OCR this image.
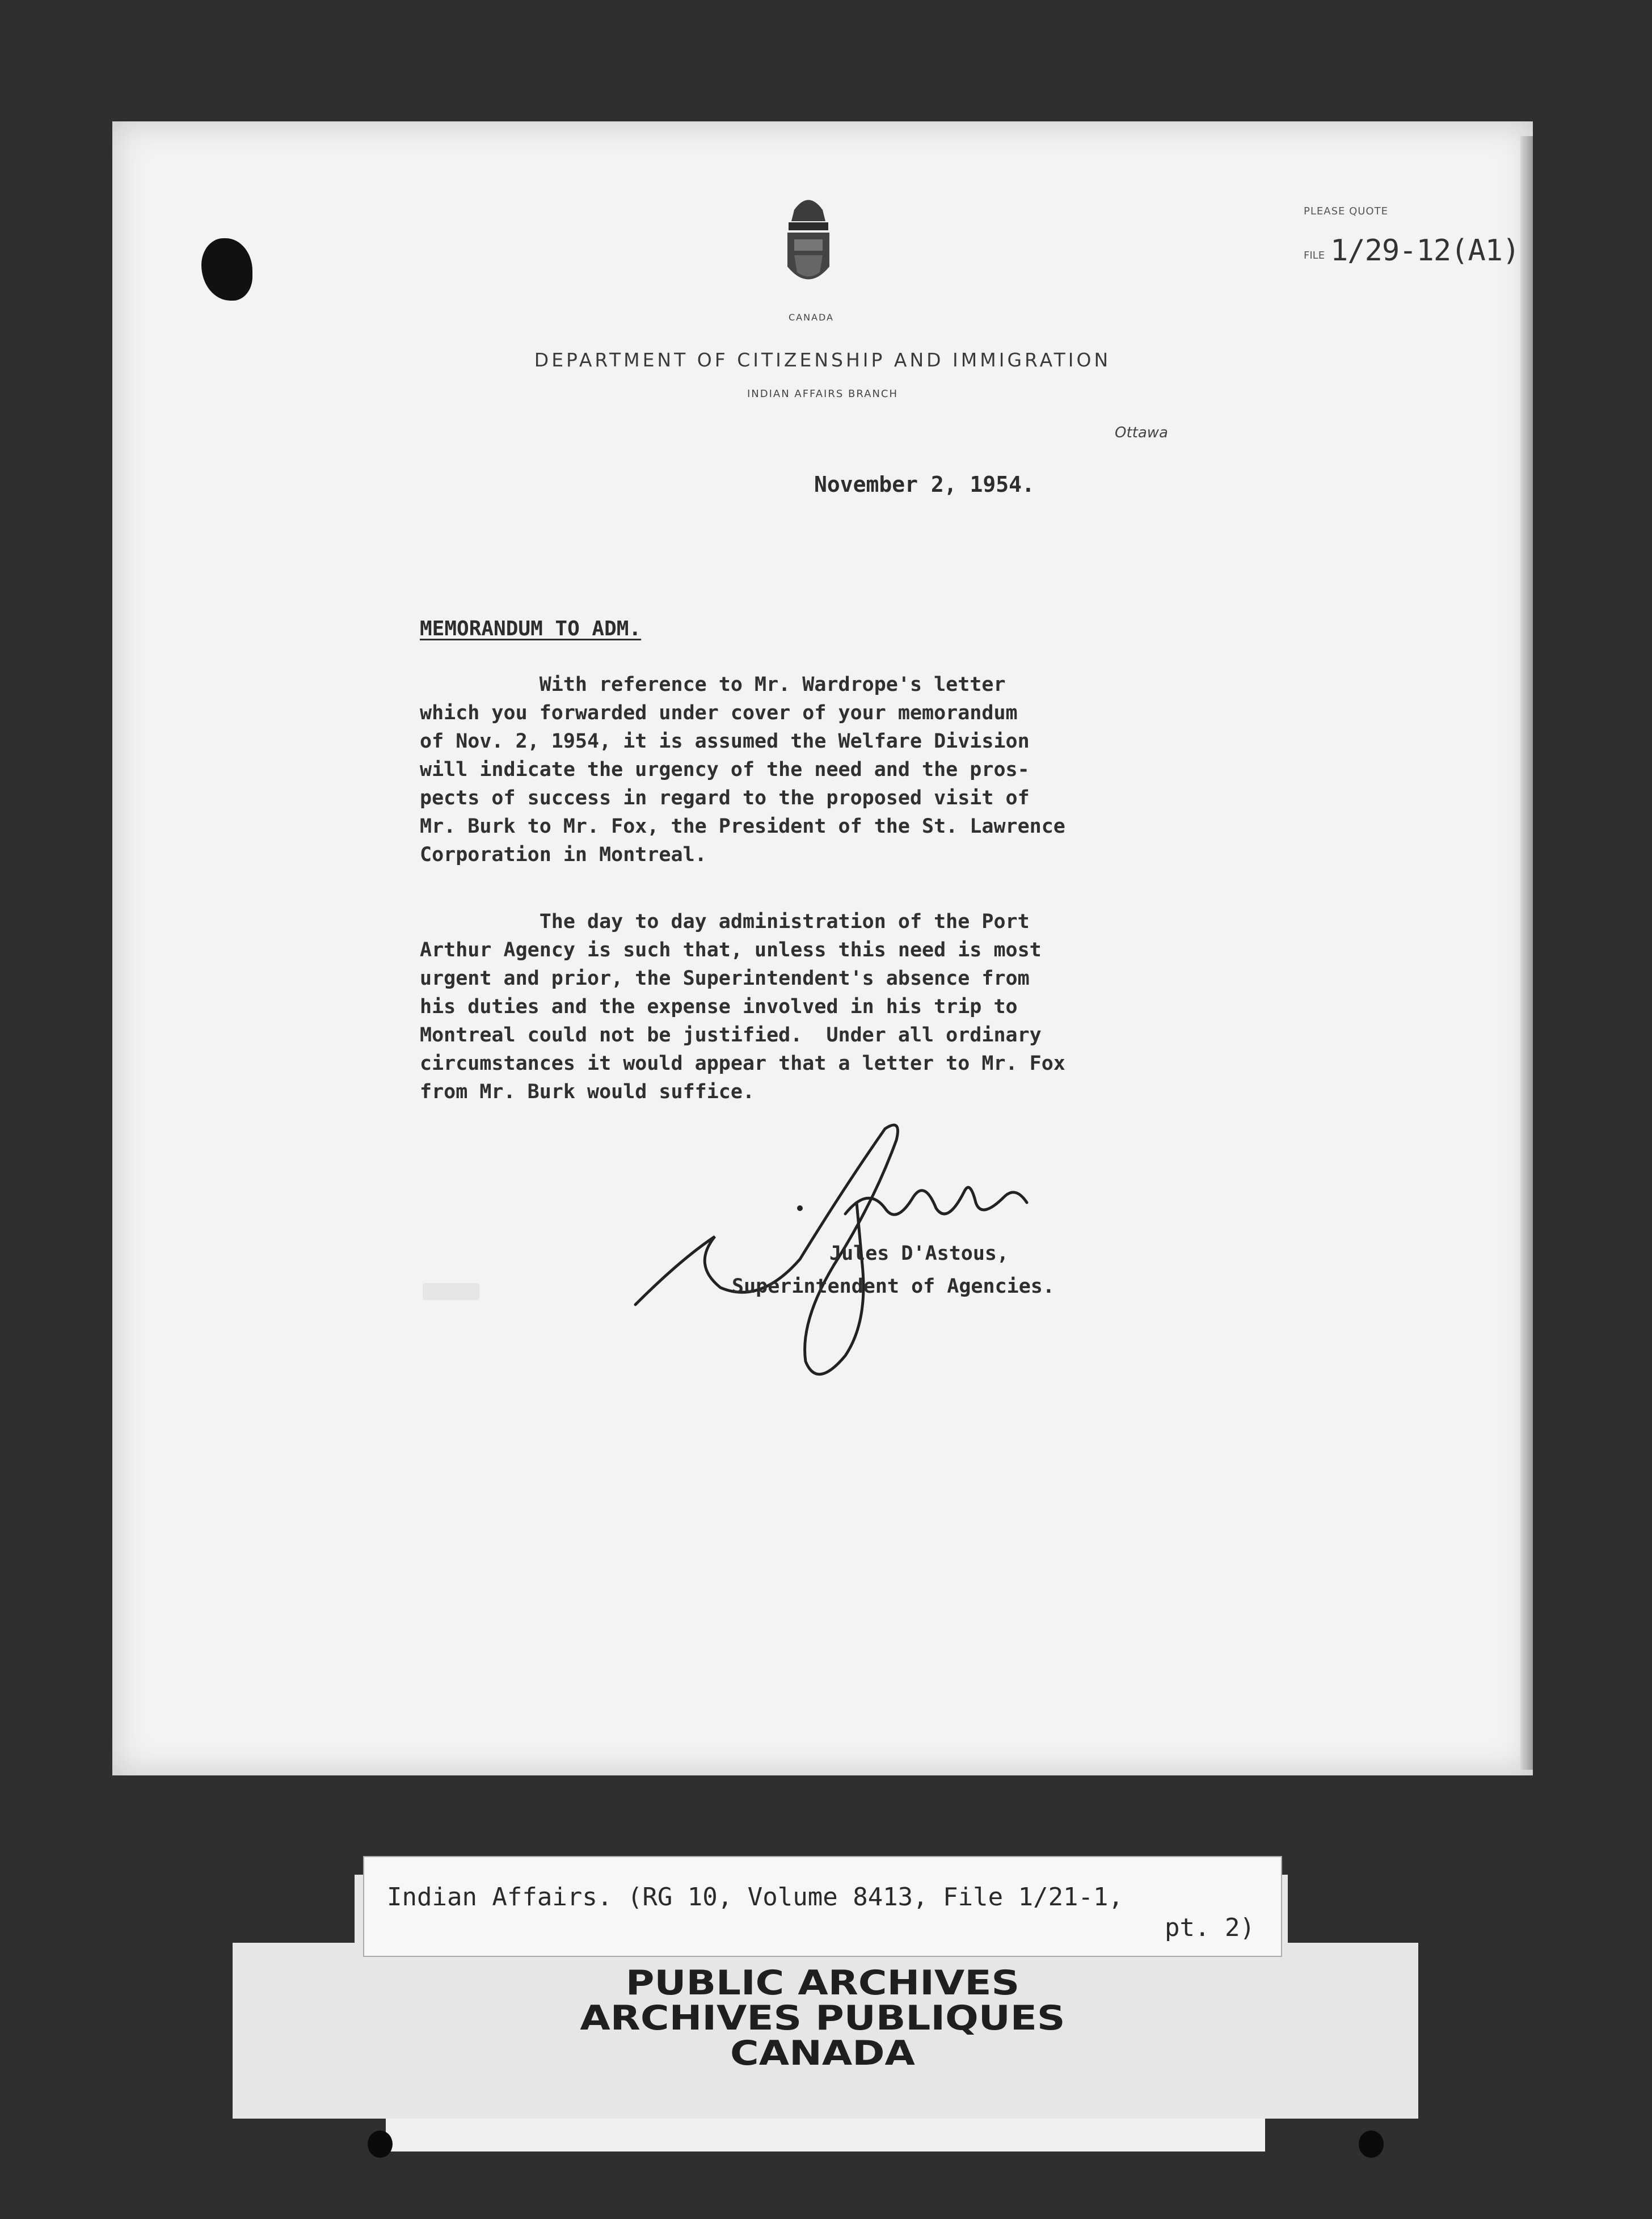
CANADA
PLEASE QUOTE
FILE 1/29-12(A1)
DEPARTMENT OF CITIZENSHIP AND IMMIGRATION
INDIAN AFFAIRS BRANCH
Ottawa
November 2, 1954.
MEMORANDUM TO ADM.
With reference to Mr. Wardrope's letter
which you forwarded under cover of your memorandum
of Nov. 2, 1954, it is assumed the Welfare Division
will indicate the urgency of the need and the pros-
pects of success in regard to the proposed visit of
Mr. Burk to Mr. Fox, the President of the St. Lawrence
Corporation in Montreal.
The day to day administration of the Port
Arthur Agency is such that, unless this need is most
urgent and prior, the Superintendent's absence from
his duties and the expense involved in his trip to
Montreal could not be justified.  Under all ordinary
circumstances it would appear that a letter to Mr. Fox
from Mr. Burk would suffice.
Jules D'Astous,
Superintendent of Agencies.
Indian Affairs. (RG 10, Volume 8413, File 1/21-1,
pt. 2)
PUBLIC ARCHIVES
ARCHIVES PUBLIQUES
CANADA
